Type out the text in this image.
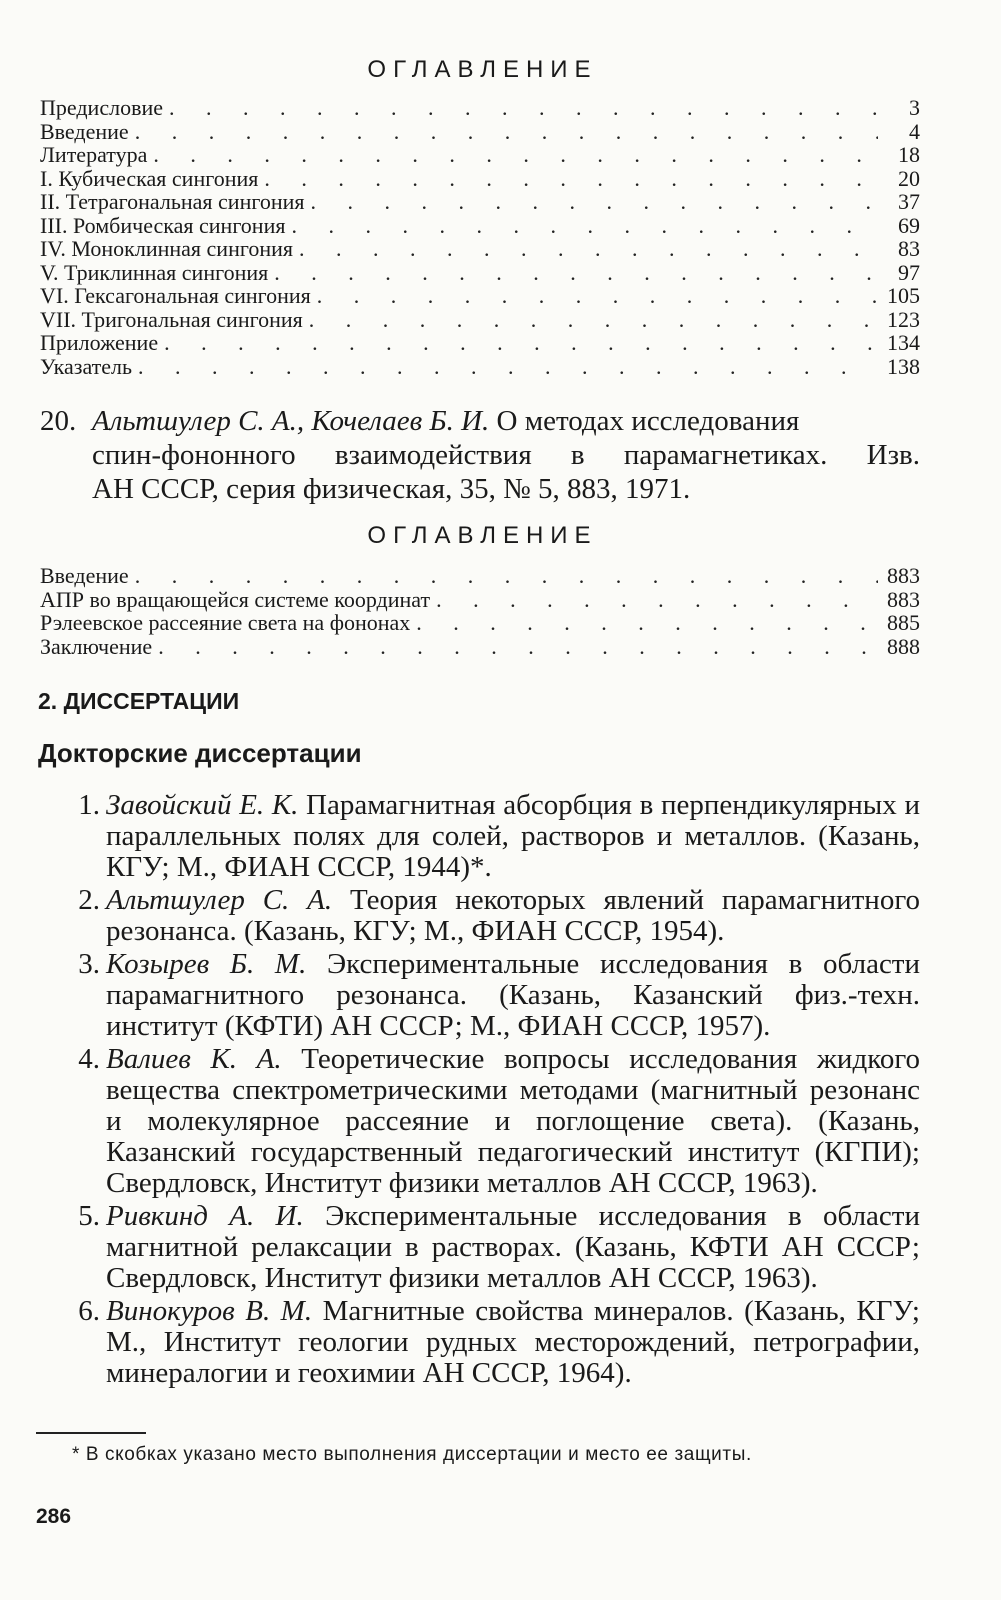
ОГЛАВЛЕНИЕ
Предисловие . . .	3
Введение . . .	4
Литература . . .	18
I. Кубическая сингония . . .	20
II. Тетрагональная сингония . . .	37
III. Ромбическая сингония . . .	69
IV. Моноклинная сингония . . .	83
V. Триклинная сингония . . .	97
VI. Гексагональная сингония . . .	105
VII. Тригональная сингония . . .	123
Приложение . . .	134
Указатель . . .	138
20. Альтшулер С. А., Кочелаев Б. И. О методах исследования
спин-фононного взаимодействия в парамагнетиках. Изв.
АН СССР, серия физическая, 35, № 5, 883, 1971.
ОГЛАВЛЕНИЕ
Введение . . .	883
АПР во вращающейся системе координат . . .	883
Рэлеевское рассеяние света на фононах . . .	885
Заключение . . .	888
2. ДИССЕРТАЦИИ
Докторские диссертации
1. Завойский Е. К. Парамагнитная абсорбция в перпендикулярных и параллельных полях для солей, растворов и металлов. (Казань, КГУ; М., ФИАН СССР, 1944)*.
2. Альтшулер С. А. Теория некоторых явлений парамагнитного резонанса. (Казань, КГУ; М., ФИАН СССР, 1954).
3. Козырев Б. М. Экспериментальные исследования в области парамагнитного резонанса. (Казань, Казанский физ.-техн. институт (КФТИ) АН СССР; М., ФИАН СССР, 1957).
4. Валиев К. А. Теоретические вопросы исследования жидкого вещества спектрометрическими методами (магнитный резонанс и молекулярное рассеяние и поглощение света). (Казань, Казанский государственный педагогический институт (КГПИ); Свердловск, Институт физики металлов АН СССР, 1963).
5. Ривкинд А. И. Экспериментальные исследования в области магнитной релаксации в растворах. (Казань, КФТИ АН СССР; Свердловск, Институт физики металлов АН СССР, 1963).
6. Винокуров В. М. Магнитные свойства минералов. (Казань, КГУ; М., Институт геологии рудных месторождений, петрографии, минералогии и геохимии АН СССР, 1964).
* В скобках указано место выполнения диссертации и место ее защиты.
286
